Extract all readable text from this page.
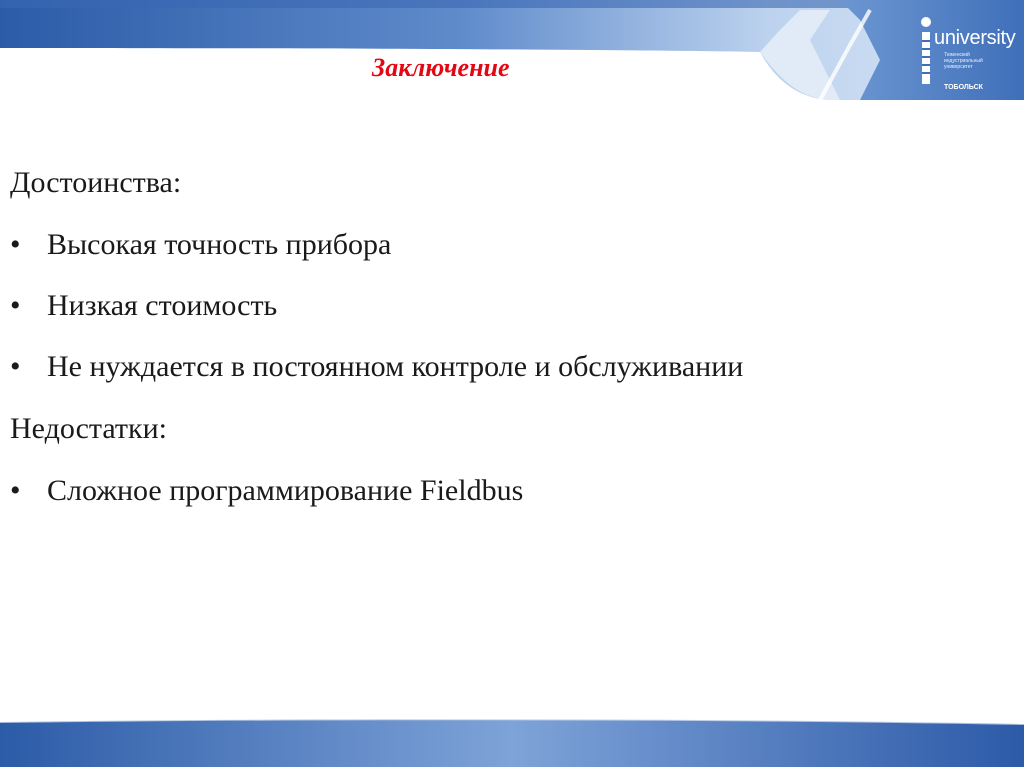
university
Тюменский индустриальный университет
ТОБОЛЬСК
Заключение

Достоинства:

• Высокая точность прибора
• Низкая стоимость
• Не нуждается в постоянном контроле и обслуживании

Недостатки:

• Сложное программирование Fieldbus
